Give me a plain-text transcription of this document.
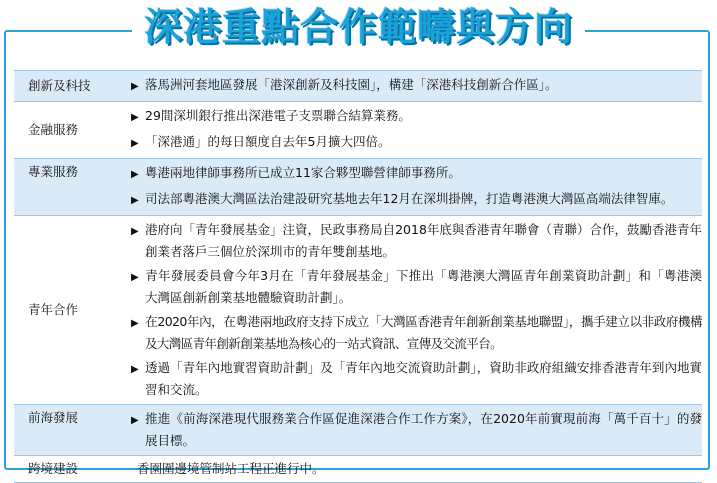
深港重點合作範疇與方向
創新及科技	▶ 落馬洲河套地區發展「港深創新及科技園」，構建「深港科技創新合作區」。

金融服務	▶ 29間深圳銀行推出深港電子支票聯合結算業務。
▶ 「深港通」的每日額度自去年5月擴大四倍。

專業服務	▶ 粵港兩地律師事務所已成立11家合夥型聯營律師事務所。
▶ 司法部粵港澳大灣區法治建設研究基地去年12月在深圳掛牌，打造粵港澳大灣區高端法律智庫。

青年合作	▶ 港府向「青年發展基金」注資，民政事務局自2018年底與香港青年聯會（青聯）合作，鼓勵香港青年創業者落戶三個位於深圳市的青年雙創基地。
▶ 青年發展委員會今年3月在「青年發展基金」下推出「粵港澳大灣區青年創業資助計劃」和「粵港澳大灣區創新創業基地體驗資助計劃」。
▶ 在2020年內，在粵港兩地政府支持下成立「大灣區香港青年創新創業基地聯盟」，攜手建立以非政府機構及大灣區青年創新創業基地為核心的一站式資訊、宣傳及交流平台。
▶ 透過「青年內地實習資助計劃」及「青年內地交流資助計劃」，資助非政府組織安排香港青年到內地實習和交流。

前海發展	▶ 推進《前海深港現代服務業合作區促進深港合作工作方案》，在2020年前實現前海「萬千百十」的發展目標。

跨境建設	香園圍邊境管制站工程正進行中。
